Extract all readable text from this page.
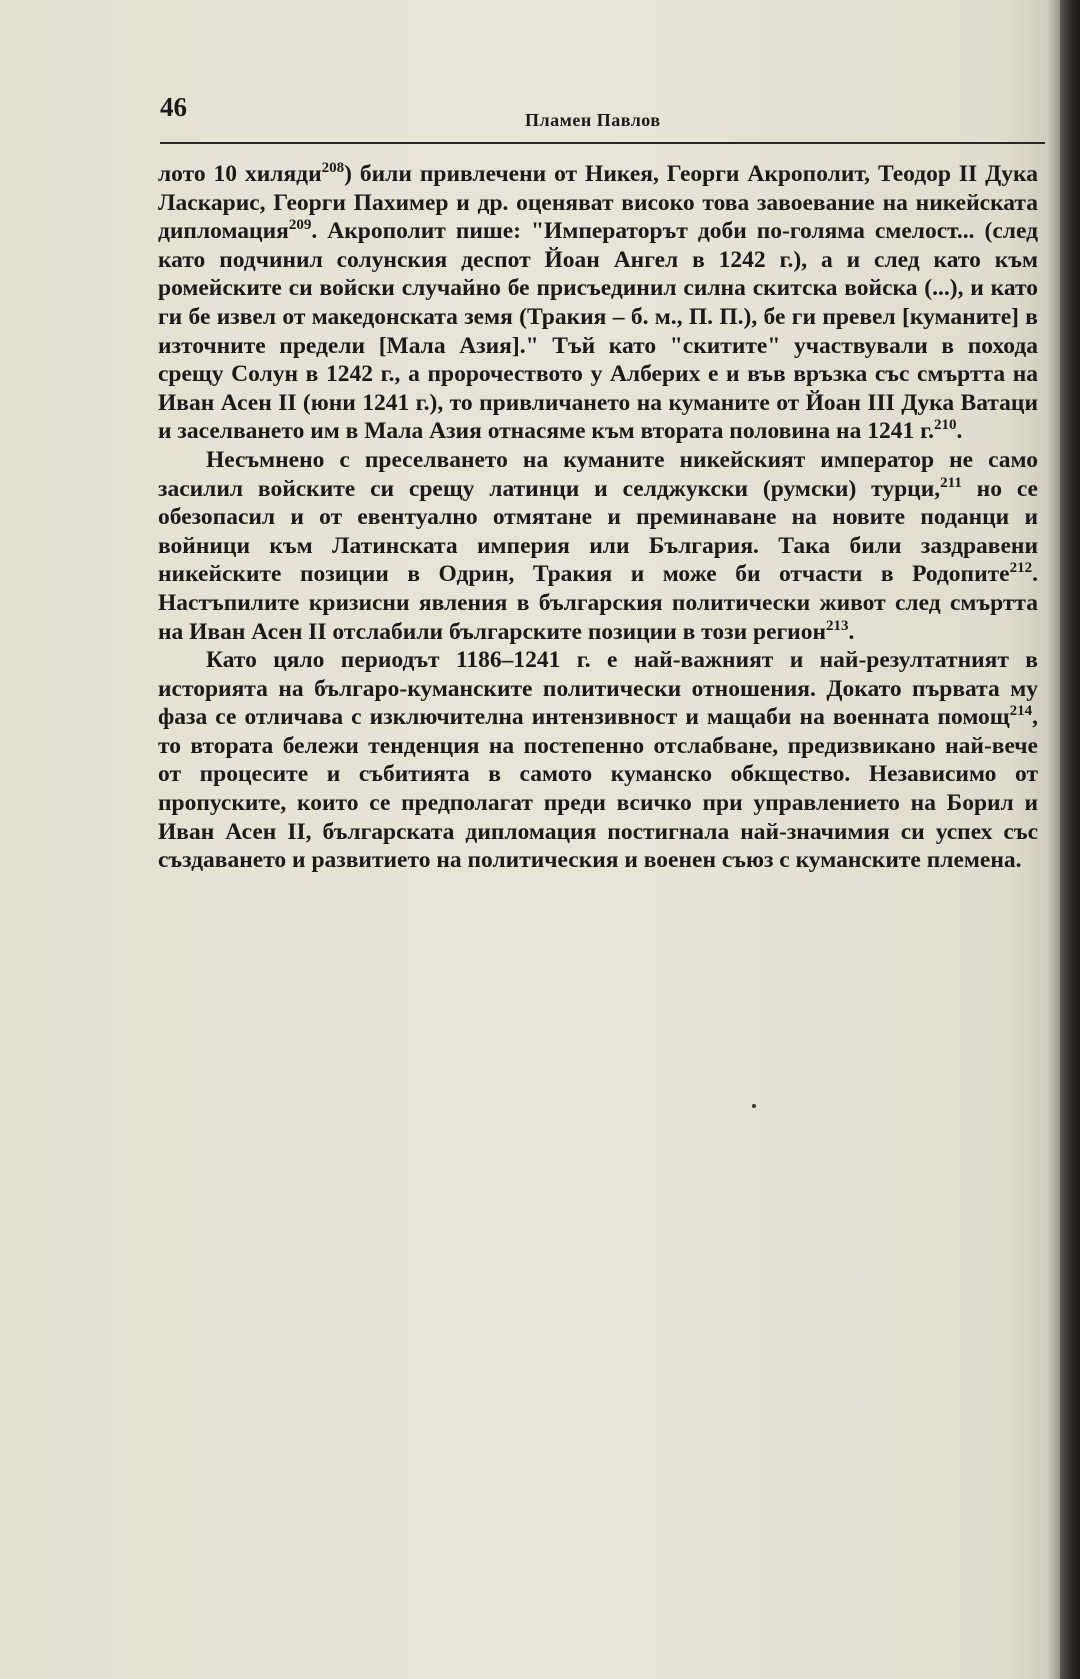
46	Пламен Павлов

лото 10 хиляди$^{208}$) били привлечени от Никея, Георги Акрополит, Теодор II Дука Ласкарис, Георги Пахимер и др. оценяват високо това завоевание на никейската дипломация$^{209}$. Акрополит пише: "Императорът доби по-голяма смелост... (след като подчинил солунския деспот Йоан Ангел в 1242 г.), а и след като към ромейските си войски случайно бе присъединил силна скитска войска (...), и като ги бе извел от македонската земя (Тракия – б. м., П. П.), бе ги превел [куманите] в източните предели [Мала Азия]." Тъй като "скитите" участвували в похода срещу Солун в 1242 г., а пророчеството у Алберих е и във връзка със смъртта на Иван Асен II (юни 1241 г.), то привличането на куманите от Йоан III Дука Ватаци и заселването им в Мала Азия отнасяме към втората половина на 1241 г.$^{210}$.

Несъмнено с преселването на куманите никейският император не само засилил войските си срещу латинци и селджукски (румски) турци,$^{211}$ но се обезопасил и от евентуално отмятане и преминаване на новите поданци и войници към Латинската империя или България. Така били заздравени никейските позиции в Одрин, Тракия и може би отчасти в Родопите$^{212}$. Настъпилите кризисни явления в българския политически живот след смъртта на Иван Асен II отслабили българските позиции в този регион$^{213}$.

Като цяло периодът 1186–1241 г. е най-важният и най-резултатният в историята на българо-куманските политически отношения. Докато първата му фаза се отличава с изключителна интензивност и мащаби на военната помощ$^{214}$, то втората бележи тенденция на постепенно отслабване, предизвикано най-вече от процесите и събитията в самото куманско обкщество. Независимо от пропуските, които се предполагат преди всичко при управлението на Борил и Иван Асен II, българската дипломация постигнала най-значимия си успех със създаването и развитието на политическия и военен съюз с куманските племена.
